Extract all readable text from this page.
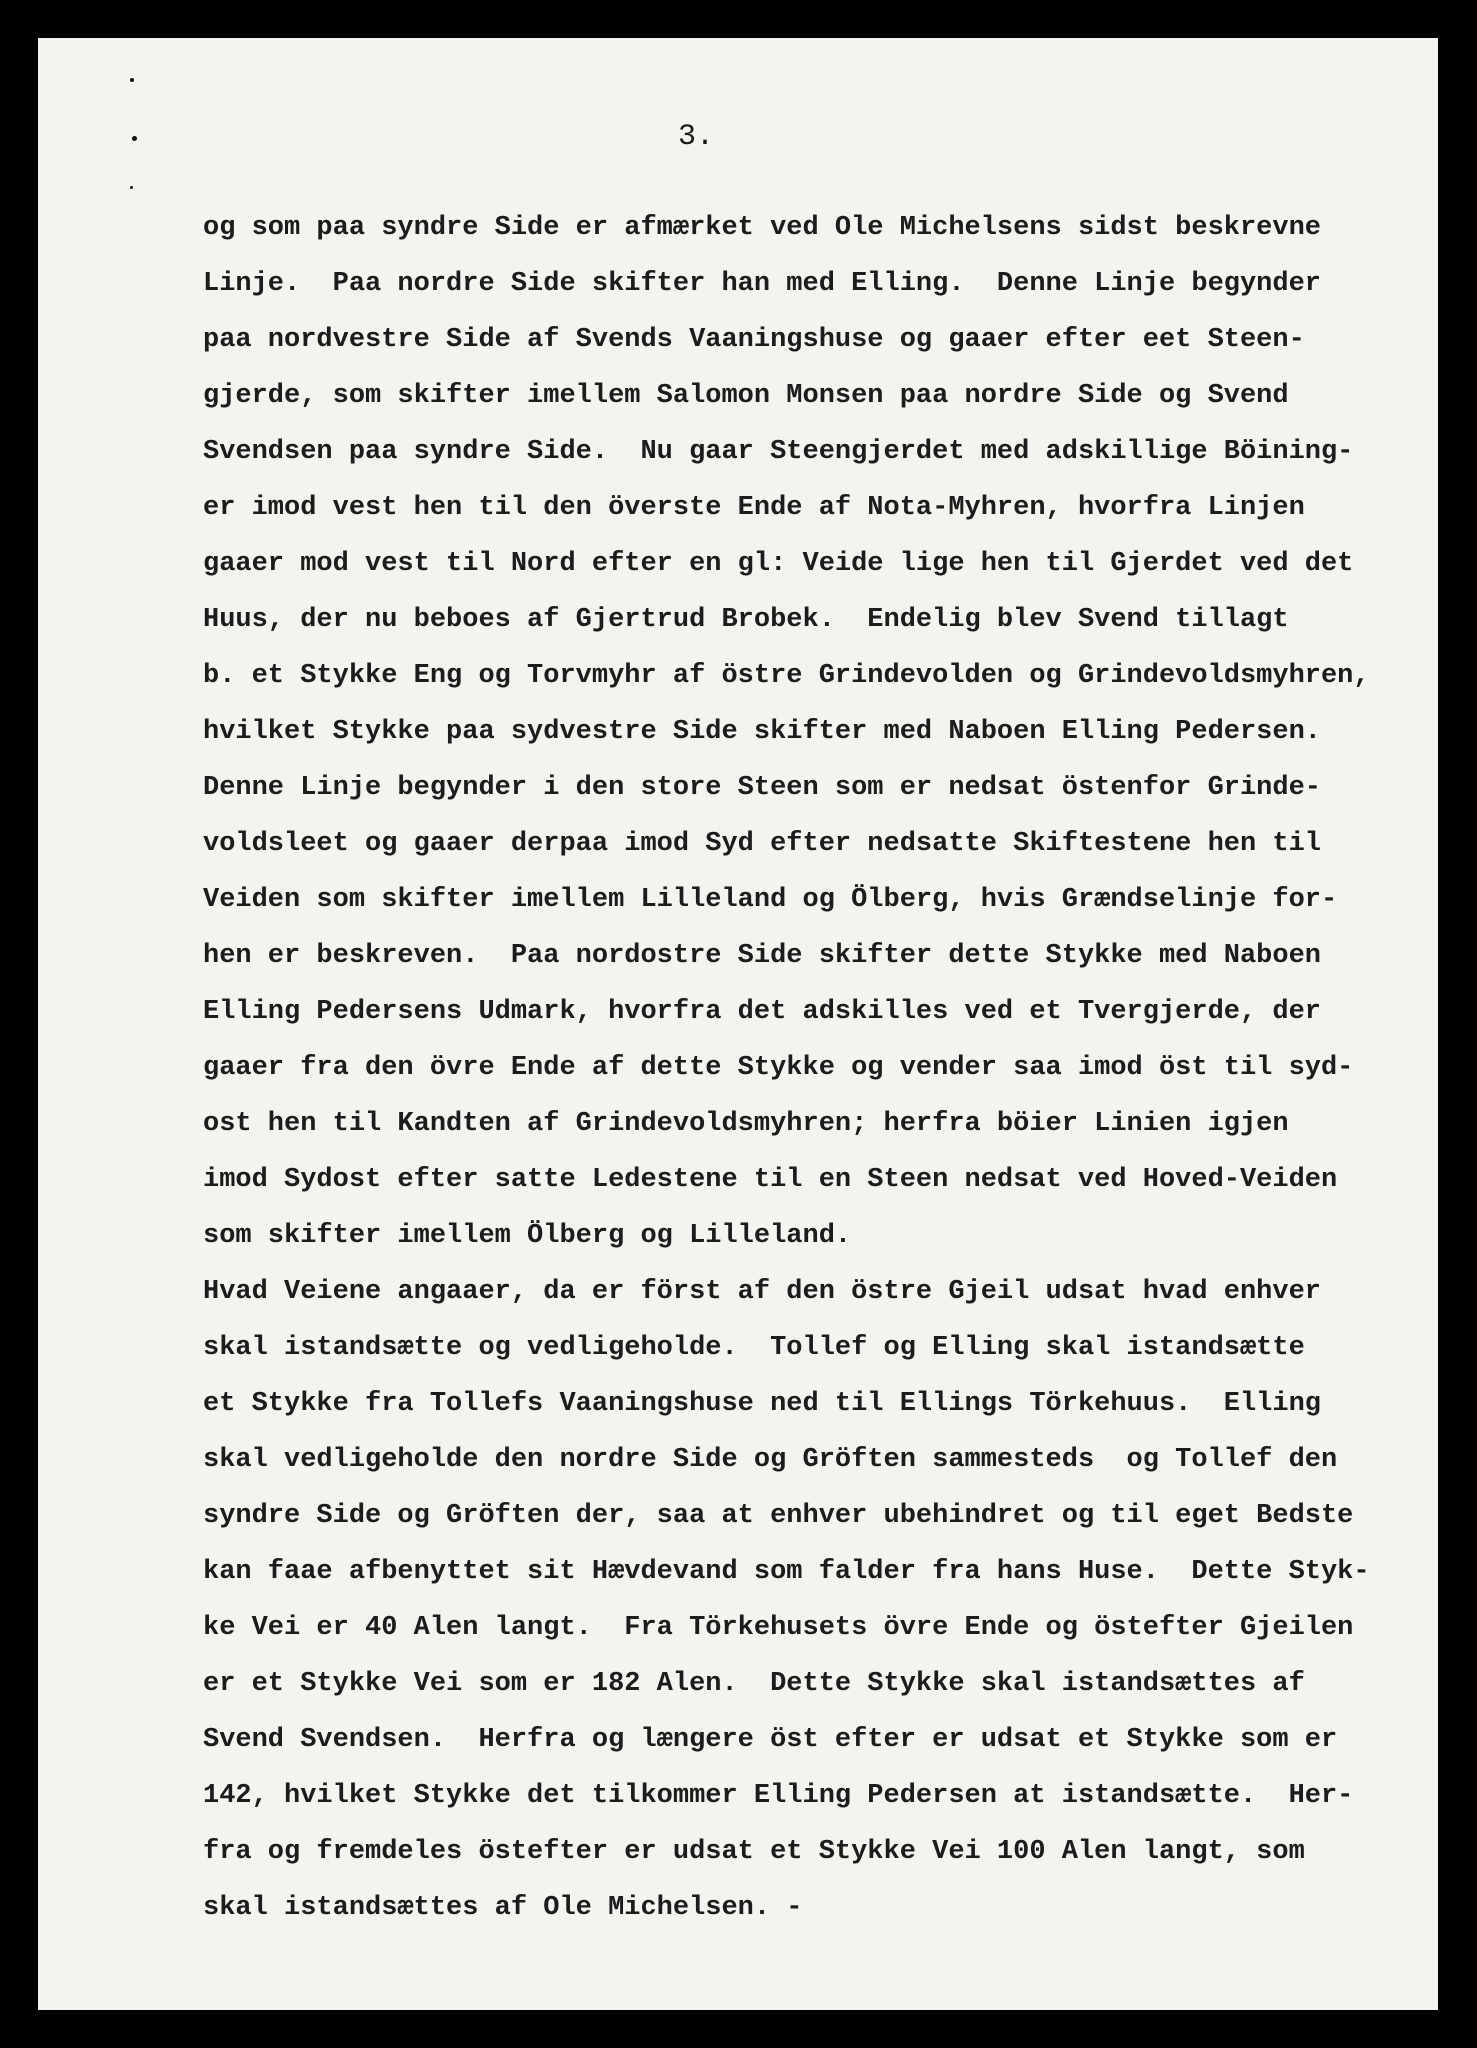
3.

og som paa syndre Side er afmærket ved Ole Michelsens sidst beskrevne
Linje.  Paa nordre Side skifter han med Elling.  Denne Linje begynder
paa nordvestre Side af Svends Vaaningshuse og gaaer efter eet Steen-
gjerde, som skifter imellem Salomon Monsen paa nordre Side og Svend
Svendsen paa syndre Side.  Nu gaar Steengjerdet med adskillige Böining-
er imod vest hen til den överste Ende af Nota-Myhren, hvorfra Linjen
gaaer mod vest til Nord efter en gl: Veide lige hen til Gjerdet ved det
Huus, der nu beboes af Gjertrud Brobek.  Endelig blev Svend tillagt
b. et Stykke Eng og Torvmyhr af östre Grindevolden og Grindevoldsmyhren,
hvilket Stykke paa sydvestre Side skifter med Naboen Elling Pedersen.
Denne Linje begynder i den store Steen som er nedsat östenfor Grinde-
voldsleet og gaaer derpaa imod Syd efter nedsatte Skiftestene hen til
Veiden som skifter imellem Lilleland og Ölberg, hvis Grændselinje for-
hen er beskreven.  Paa nordostre Side skifter dette Stykke med Naboen
Elling Pedersens Udmark, hvorfra det adskilles ved et Tvergjerde, der
gaaer fra den övre Ende af dette Stykke og vender saa imod öst til syd-
ost hen til Kandten af Grindevoldsmyhren; herfra böier Linien igjen
imod Sydost efter satte Ledestene til en Steen nedsat ved Hoved-Veiden
som skifter imellem Ölberg og Lilleland.
Hvad Veiene angaaer, da er först af den östre Gjeil udsat hvad enhver
skal istandsætte og vedligeholde.  Tollef og Elling skal istandsætte
et Stykke fra Tollefs Vaaningshuse ned til Ellings Törkehuus.  Elling
skal vedligeholde den nordre Side og Gröften sammesteds  og Tollef den
syndre Side og Gröften der, saa at enhver ubehindret og til eget Bedste
kan faae afbenyttet sit Hævdevand som falder fra hans Huse.  Dette Styk-
ke Vei er 40 Alen langt.  Fra Törkehusets övre Ende og östefter Gjeilen
er et Stykke Vei som er 182 Alen.  Dette Stykke skal istandsættes af
Svend Svendsen.  Herfra og længere öst efter er udsat et Stykke som er
142, hvilket Stykke det tilkommer Elling Pedersen at istandsætte.  Her-
fra og fremdeles östefter er udsat et Stykke Vei 100 Alen langt, som
skal istandsættes af Ole Michelsen. -
